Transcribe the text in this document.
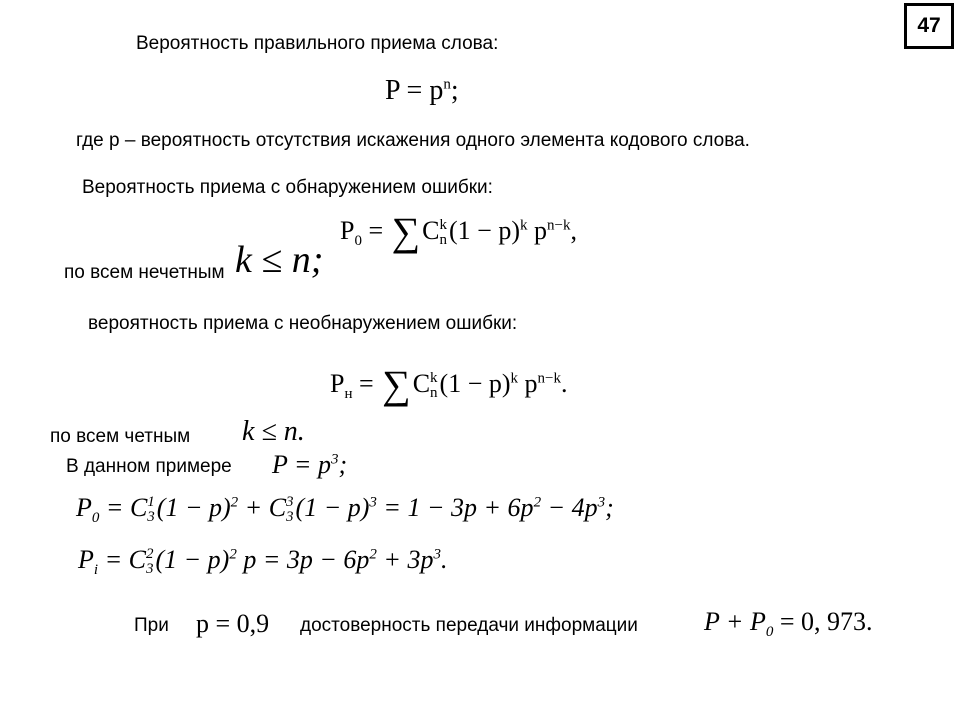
47
Вероятность правильного приема слова:
$P = p^n$;
где p – вероятность отсутствия искажения одного элемента кодового слова.
Вероятность приема с обнаружением ошибки:
$P_0 = \sum C$ k
n $(1 - p)^k$ $p^{n-k}$,
по всем нечетным k ≤ n;
вероятность приема с необнаружением ошибки:
$P_н = \sum C$ k
n $(1 - p)^k$ $p^{n-k}$.
по всем четным k ≤ n.
В данном примере $P = p^3$;
$P_0 = C$ 1
3 $(1 - p)^2 + C$ 3
3 $(1 - p)^3 = 1 - 3p + 6p^2 - 4p^3$;
$P_i = C$ 2
3 $(1 - p)^2$ $p = 3p - 6p^2 + 3p^3$.
При p = 0,9 достоверность передачи информации	$P + P_0 = 0$, 973.
